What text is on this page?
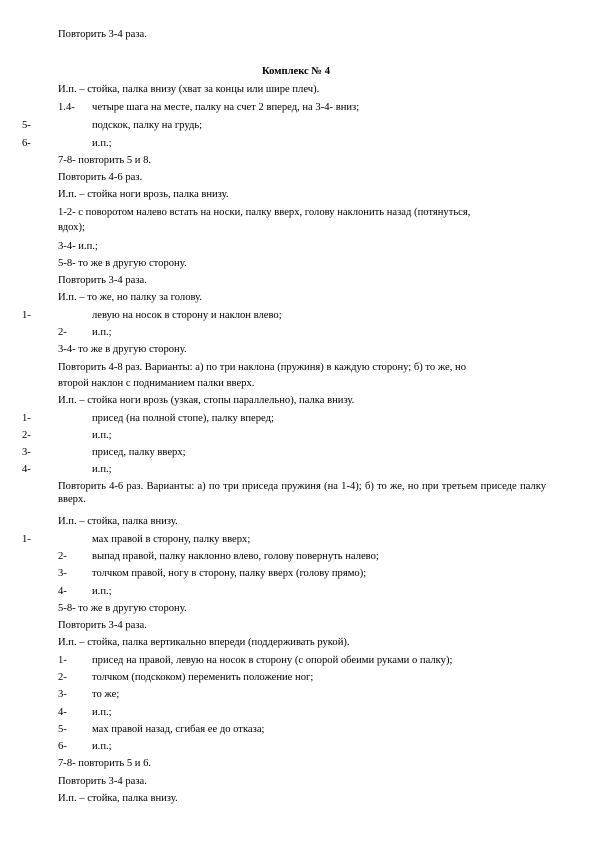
Повторить 3-4 раза.
Комплекс № 4
И.п. – стойка, палка внизу (хват за концы или шире плеч).
1.4- четыре шага на месте, палку на счет 2 вперед, на 3-4- вниз;
5-	подскок, палку на грудь;
6-	и.п.;
7-8- повторить 5 и 8.
Повторить 4-6 раз.
И.п. – стойка ноги врозь, палка внизу.
1-2- с поворотом налево встать на носки, палку вверх, голову наклонить назад (потянуться,
вдох);
3-4- и.п.;
5-8- то же в другую сторону.
Повторить 3-4 раза.
И.п. – то же, но палку за голову.
1-	левую на носок в сторону и наклон влево;
2- и.п.;
3-4- то же в другую сторону.
Повторить 4-8 раз. Варианты: а) по три наклона (пружиня) в каждую сторону; б) то же, но
второй наклон с подниманием палки вверх.
И.п. – стойка ноги врозь (узкая, стопы параллельно), палка внизу.
1-	присед (на полной стопе), палку вперед;
2-	и.п.;
3-	присед, палку вверх;
4-	и.п.;
Повторить 4-6 раз. Варианты: а) по три приседа пружиня (на 1-4); б) то же, но при третьем приседе палку вверх.
И.п. – стойка, палка внизу.
1-	мах правой в сторону, палку вверх;
2- выпад правой, палку наклонно влево, голову повернуть налево;
3- толчком правой, ногу в сторону, палку вверх (голову прямо);
4- и.п.;
5-8- то же в другую сторону.
Повторить 3-4 раза.
И.п. – стойка, палка вертикально впереди (поддерживать рукой).
1- присед на правой, левую на носок в сторону (с опорой обеими руками о палку);
2- толчком (подскоком) переменить положение ног;
3- то же;
4- и.п.;
5- мах правой назад, сгибая ее до отказа;
6- и.п.;
7-8- повторить 5 и 6.
Повторить 3-4 раза.
И.п. – стойка, палка внизу.
